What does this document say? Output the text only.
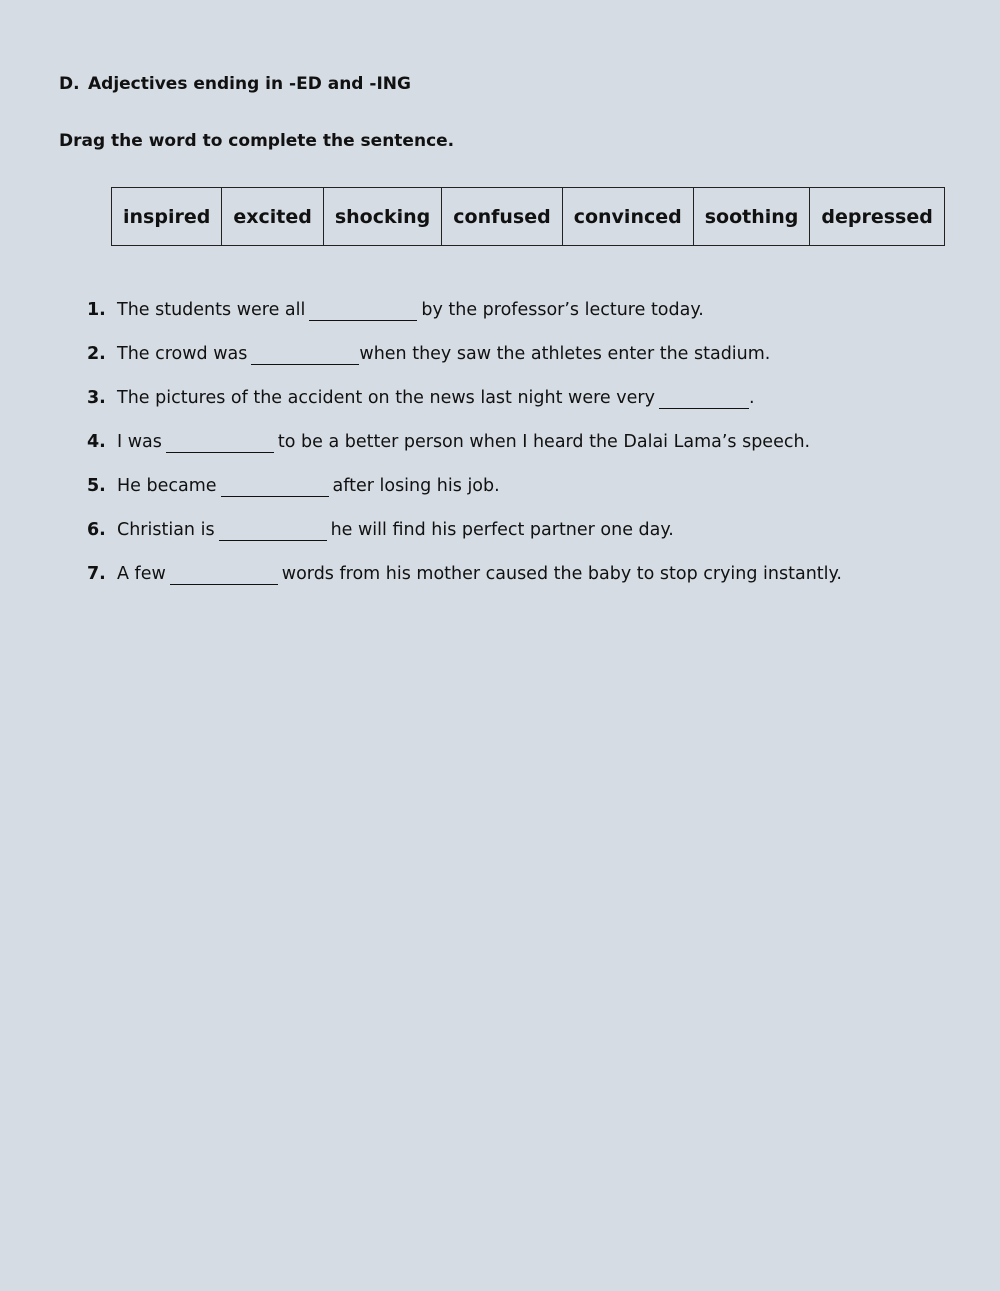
D. Adjectives ending in -ED and -ING
Drag the word to complete the sentence.
inspired	excited	shocking	confused	convinced	soothing	depressed
1. The students were all	by the professor’s lecture today.
2. The crowd was	when they saw the athletes enter the stadium.
3. The pictures of the accident on the news last night were very	.
4. I was	to be a better person when I heard the Dalai Lama’s speech.
5. He became	after losing his job.
6. Christian is	he will find his perfect partner one day.
7. A few	words from his mother caused the baby to stop crying instantly.
